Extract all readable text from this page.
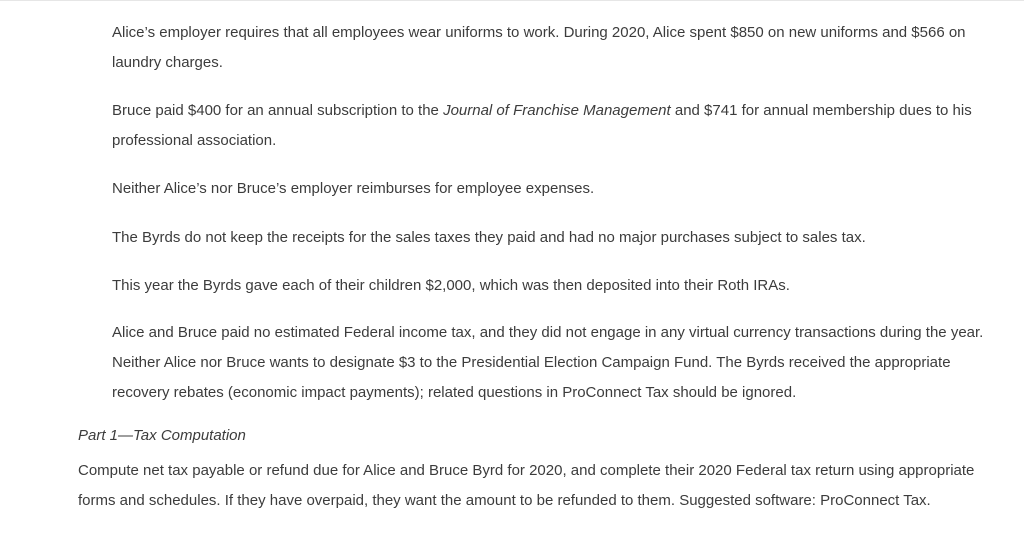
Alice’s employer requires that all employees wear uniforms to work. During 2020, Alice spent $850 on new uniforms and $566 on laundry charges.

Bruce paid $400 for an annual subscription to the Journal of Franchise Management and $741 for annual membership dues to his professional association.

Neither Alice’s nor Bruce’s employer reimburses for employee expenses.

The Byrds do not keep the receipts for the sales taxes they paid and had no major purchases subject to sales tax.

This year the Byrds gave each of their children $2,000, which was then deposited into their Roth IRAs.

Alice and Bruce paid no estimated Federal income tax, and they did not engage in any virtual currency transactions during the year. Neither Alice nor Bruce wants to designate $3 to the Presidential Election Campaign Fund. The Byrds received the appropriate recovery rebates (economic impact payments); related questions in ProConnect Tax should be ignored.

Part 1—Tax Computation

Compute net tax payable or refund due for Alice and Bruce Byrd for 2020, and complete their 2020 Federal tax return using appropriate forms and schedules. If they have overpaid, they want the amount to be refunded to them. Suggested software: ProConnect Tax.
